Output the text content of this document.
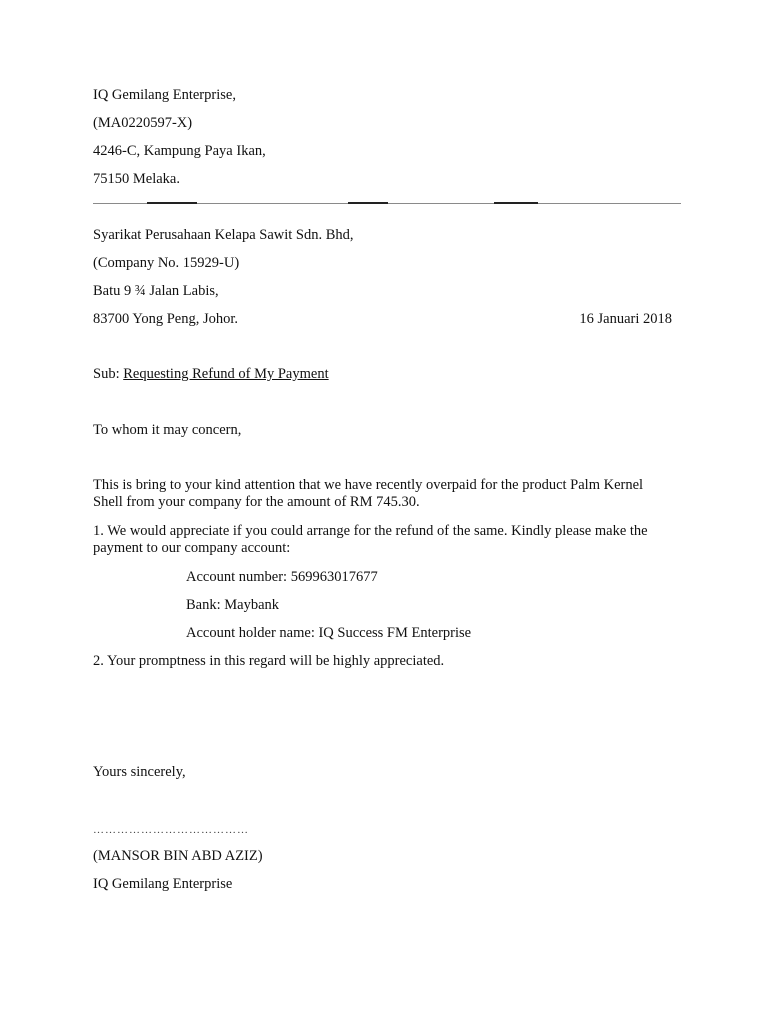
IQ Gemilang Enterprise,
(MA0220597-X)
4246-C, Kampung Paya Ikan,
75150 Melaka.
Syarikat Perusahaan Kelapa Sawit Sdn. Bhd,
(Company No. 15929-U)
Batu 9 ¾ Jalan Labis,
83700 Yong Peng, Johor.	16 Januari 2018
Sub: Requesting Refund of My Payment
To whom it may concern,
This is bring to your kind attention that we have recently overpaid for the product Palm Kernel Shell from your company for the amount of RM 745.30.
1. We would appreciate if you could arrange for the refund of the same. Kindly please make the payment to our company account:
Account number: 569963017677
Bank: Maybank
Account holder name: IQ Success FM Enterprise
2. Your promptness in this regard will be highly appreciated.
Yours sincerely,
…………………………………
(MANSOR BIN ABD AZIZ)
IQ Gemilang Enterprise
